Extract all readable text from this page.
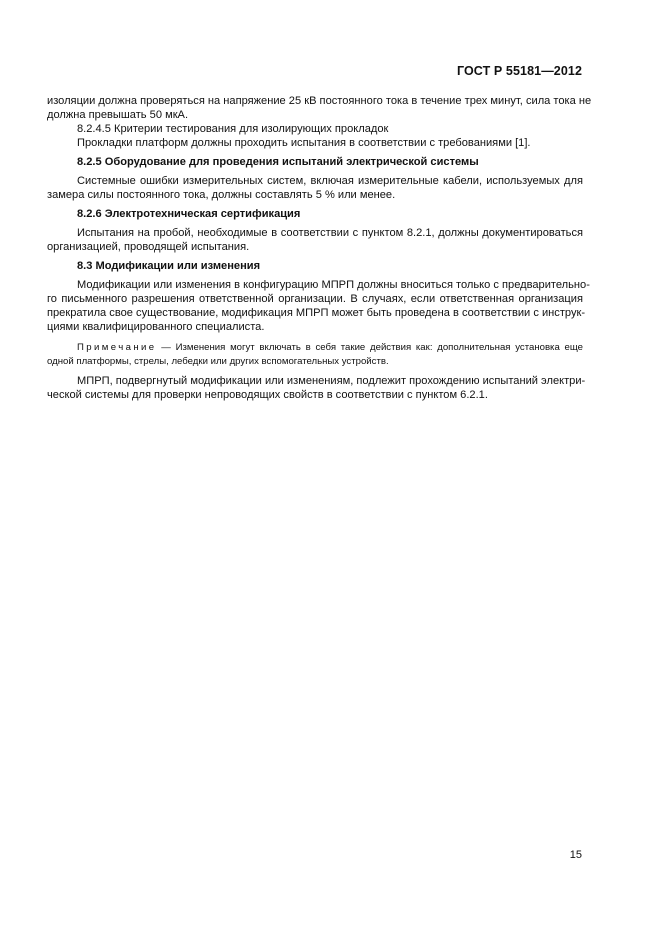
ГОСТ Р 55181—2012

изоляции должна проверяться на напряжение 25 кВ постоянного тока в течение трех минут, сила тока не
должна превышать 50 мкА.

8.2.4.5 Критерии тестирования для изолирующих прокладок

Прокладки платформ должны проходить испытания в соответствии с требованиями [1].

8.2.5 Оборудование для проведения испытаний электрической системы

Системные ошибки измерительных систем, включая измерительные кабели, используемых для
замера силы постоянного тока, должны составлять 5 % или менее.

8.2.6 Электротехническая сертификация

Испытания на пробой, необходимые в соответствии с пунктом 8.2.1, должны документироваться
организацией, проводящей испытания.

8.3 Модификации или изменения

Модификации или изменения в конфигурацию МПРП должны вноситься только с предварительно-
го письменного разрешения ответственной организации. В случаях, если ответственная организация
прекратила свое существование, модификация МПРП может быть проведена в соответствии с инструк-
циями квалифицированного специалиста.

Примечание — Изменения могут включать в себя такие действия как: дополнительная установка еще
одной платформы, стрелы, лебедки или других вспомогательных устройств.

МПРП, подвергнутый модификации или изменениям, подлежит прохождению испытаний электри-
ческой системы для проверки непроводящих свойств в соответствии с пунктом 6.2.1.

15
